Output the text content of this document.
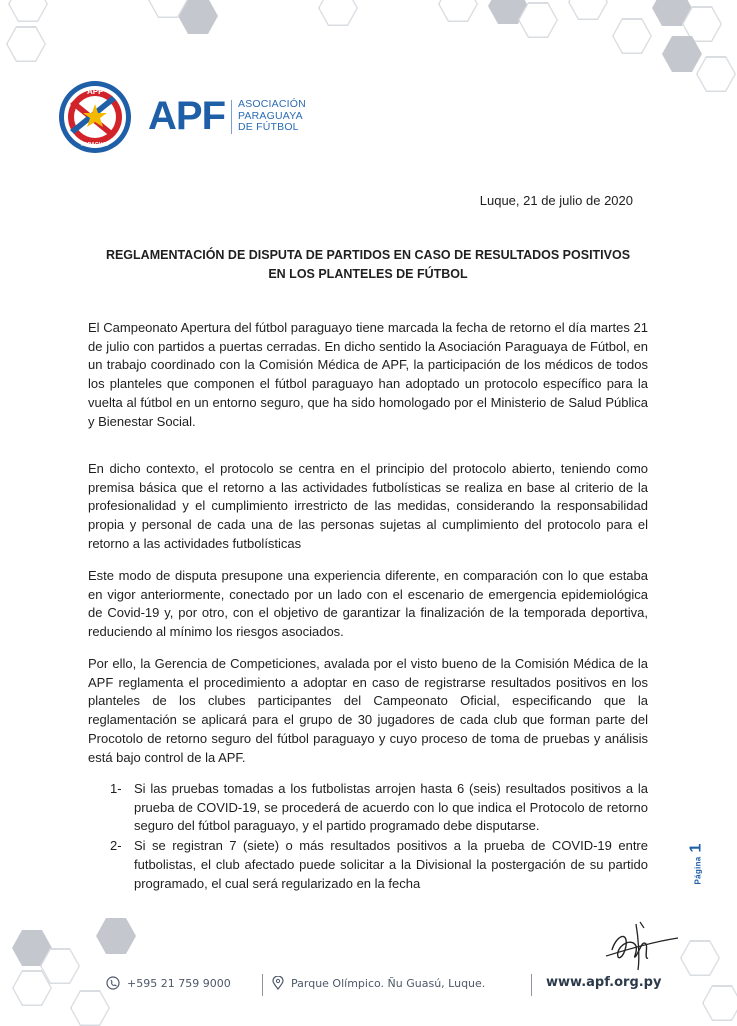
APF
PARAGUAY
APF ASOCIACIÓN
PARAGUAYA
DE FÚTBOL
Luque, 21 de julio de 2020
REGLAMENTACIÓN DE DISPUTA DE PARTIDOS EN CASO DE RESULTADOS POSITIVOS
EN LOS PLANTELES DE FÚTBOL
El Campeonato Apertura del fútbol paraguayo tiene marcada la fecha de retorno el día martes 21 de julio con partidos a puertas cerradas. En dicho sentido la Asociación Paraguaya de Fútbol, en un trabajo coordinado con la Comisión Médica de APF, la participación de los médicos de todos los planteles que componen el fútbol paraguayo han adoptado un protocolo específico para la vuelta al fútbol en un entorno seguro, que ha sido homologado por el Ministerio de Salud Pública y Bienestar Social.
En dicho contexto, el protocolo se centra en el principio del protocolo abierto, teniendo como premisa básica que el retorno a las actividades futbolísticas se realiza en base al criterio de la profesionalidad y el cumplimiento irrestricto de las medidas, considerando la responsabilidad propia y personal de cada una de las personas sujetas al cumplimiento del protocolo para el retorno a las actividades futbolísticas
Este modo de disputa presupone una experiencia diferente, en comparación con lo que estaba en vigor anteriormente, conectado por un lado con el escenario de emergencia epidemiológica de Covid-19 y, por otro, con el objetivo de garantizar la finalización de la temporada deportiva, reduciendo al mínimo los riesgos asociados.
Por ello, la Gerencia de Competiciones, avalada por el visto bueno de la Comisión Médica de la APF reglamenta el procedimiento a adoptar en caso de registrarse resultados positivos en los planteles de los clubes participantes del Campeonato Oficial, especificando que la reglamentación se aplicará para el grupo de 30 jugadores de cada club que forman parte del Procotolo de retorno seguro del fútbol paraguayo y cuyo proceso de toma de pruebas y análisis está bajo control de la APF.
1- Si las pruebas tomadas a los futbolistas arrojen hasta 6 (seis) resultados positivos a la prueba de COVID-19, se procederá de acuerdo con lo que indica el Protocolo de retorno seguro del fútbol paraguayo, y el partido programado debe disputarse.
2- Si se registran 7 (siete) o más resultados positivos a la prueba de COVID-19 entre futbolistas, el club afectado puede solicitar a la Divisional la postergación de su partido programado, el cual será regularizado en la fecha	Página1
+595 21 759 9000	Parque Olímpico. Ñu Guasú, Luque.	www.apf.org.py
